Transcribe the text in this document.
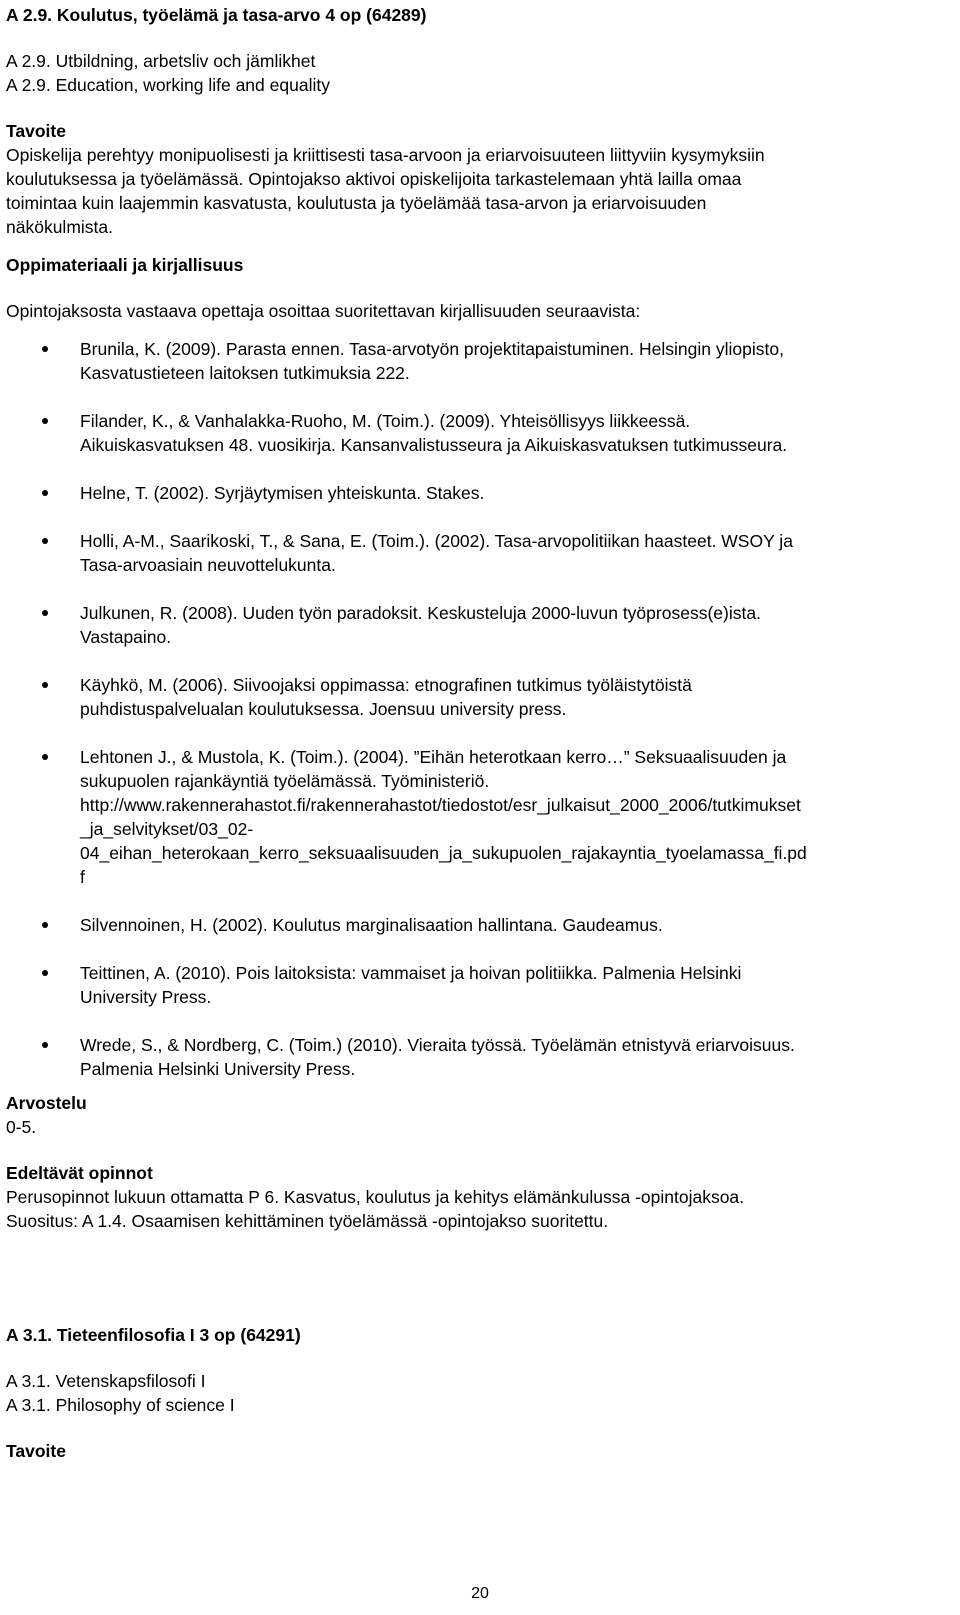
A 2.9. Koulutus, työelämä ja tasa-arvo 4 op (64289)
A 2.9. Utbildning, arbetsliv och jämlikhet
A 2.9. Education, working life and equality
Tavoite
Opiskelija perehtyy monipuolisesti ja kriittisesti tasa-arvoon ja eriarvoisuuteen liittyviin kysymyksiin
koulutuksessa ja työelämässä. Opintojakso aktivoi opiskelijoita tarkastelemaan yhtä lailla omaa
toimintaa kuin laajemmin kasvatusta, koulutusta ja työelämää tasa-arvon ja eriarvoisuuden
näkökulmista.
Oppimateriaali ja kirjallisuus
Opintojaksosta vastaava opettaja osoittaa suoritettavan kirjallisuuden seuraavista:
Brunila, K. (2009). Parasta ennen. Tasa-arvotyön projektitapaistuminen. Helsingin yliopisto,
Kasvatustieteen laitoksen tutkimuksia 222.
Filander, K., & Vanhalakka-Ruoho, M. (Toim.). (2009). Yhteisöllisyys liikkeessä.
Aikuiskasvatuksen 48. vuosikirja. Kansanvalistusseura ja Aikuiskasvatuksen tutkimusseura.
Helne, T. (2002). Syrjäytymisen yhteiskunta. Stakes.
Holli, A-M., Saarikoski, T., & Sana, E. (Toim.). (2002). Tasa-arvopolitiikan haasteet. WSOY ja
Tasa-arvoasiain neuvottelukunta.
Julkunen, R. (2008). Uuden työn paradoksit. Keskusteluja 2000-luvun työprosess(e)ista.
Vastapaino.
Käyhkö, M. (2006). Siivoojaksi oppimassa: etnografinen tutkimus työläistytöistä
puhdistuspalvelualan koulutuksessa. Joensuu university press.
Lehtonen J., & Mustola, K. (Toim.). (2004). ”Eihän heterotkaan kerro…” Seksuaalisuuden ja
sukupuolen rajankäyntiä työelämässä. Työministeriö.
http://www.rakennerahastot.fi/rakennerahastot/tiedostot/esr_julkaisut_2000_2006/tutkimukset
_ja_selvitykset/03_02-
04_eihan_heterokaan_kerro_seksuaalisuuden_ja_sukupuolen_rajakayntia_tyoelamassa_fi.pd
f
Silvennoinen, H. (2002). Koulutus marginalisaation hallintana. Gaudeamus.
Teittinen, A. (2010). Pois laitoksista: vammaiset ja hoivan politiikka. Palmenia Helsinki
University Press.
Wrede, S., & Nordberg, C. (Toim.) (2010). Vieraita työssä. Työelämän etnistyvä eriarvoisuus.
Palmenia Helsinki University Press.
Arvostelu
0-5.
Edeltävät opinnot
Perusopinnot lukuun ottamatta P 6. Kasvatus, koulutus ja kehitys elämänkulussa -opintojaksoa.
Suositus: A 1.4. Osaamisen kehittäminen työelämässä -opintojakso suoritettu.
A 3.1. Tieteenfilosofia I 3 op (64291)
A 3.1. Vetenskapsfilosofi I
A 3.1. Philosophy of science I
Tavoite
20
